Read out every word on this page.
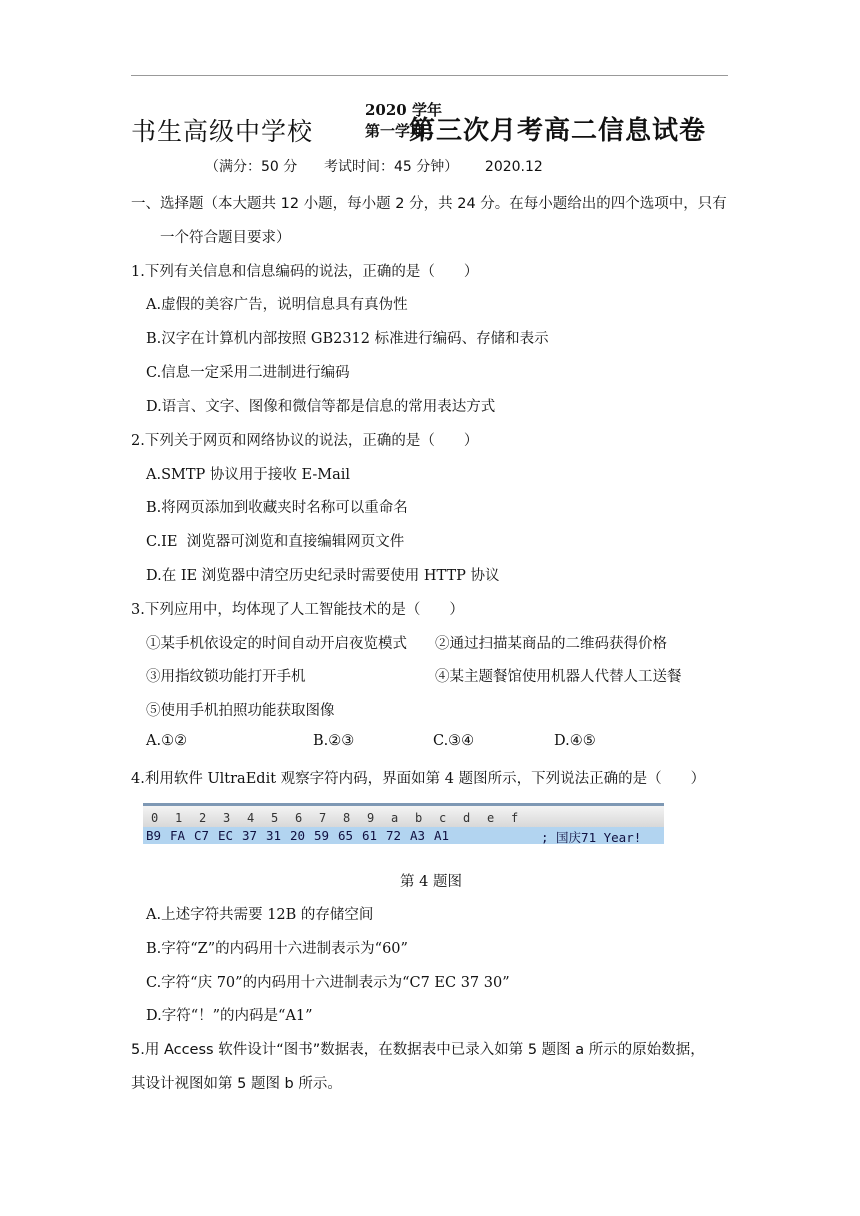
书生高级中学校
2020 学年
第一学期
第三次月考高二信息试卷
（满分：50 分      考试时间：45 分钟）      2020.12
一、选择题（本大题共 12 小题，每小题 2 分，共 24 分。在每小题给出的四个选项中，只有
一个符合题目要求）
1.下列有关信息和信息编码的说法，正确的是（　　）
A.虚假的美容广告，说明信息具有真伪性
B.汉字在计算机内部按照 GB2312 标准进行编码、存储和表示
C.信息一定采用二进制进行编码
D.语言、文字、图像和微信等都是信息的常用表达方式
2.下列关于网页和网络协议的说法，正确的是（　　）
A.SMTP 协议用于接收 E-Mail
B.将网页添加到收藏夹时名称可以重命名
C.IE  浏览器可浏览和直接编辑网页文件
D.在 IE 浏览器中清空历史纪录时需要使用 HTTP 协议
3.下列应用中，均体现了人工智能技术的是（　　）
①某手机依设定的时间自动开启夜览模式 ②通过扫描某商品的二维码获得价格
③用指纹锁功能打开手机	④某主题餐馆使用机器人代替人工送餐
⑤使用手机拍照功能获取图像
A.①②	B.②③	C.③④	D.④⑤
4.利用软件 UltraEdit 观察字符内码，界面如第 4 题图所示，下列说法正确的是（　　）
0 1 2 3 4 5 6 7 8 9 a b c d e f
B9 FA C7 EC 37 31 20 59 65 61 72 A3 A1	; 国庆71 Year!
第 4 题图
A.上述字符共需要 12B 的存储空间
B.字符“Z”的内码用十六进制表示为“60”
C.字符“庆 70”的内码用十六进制表示为“C7 EC 37 30”
D.字符“！”的内码是“A1”
5.用 Access 软件设计“图书”数据表，在数据表中已录入如第 5 题图 a 所示的原始数据，
其设计视图如第 5 题图 b 所示。
